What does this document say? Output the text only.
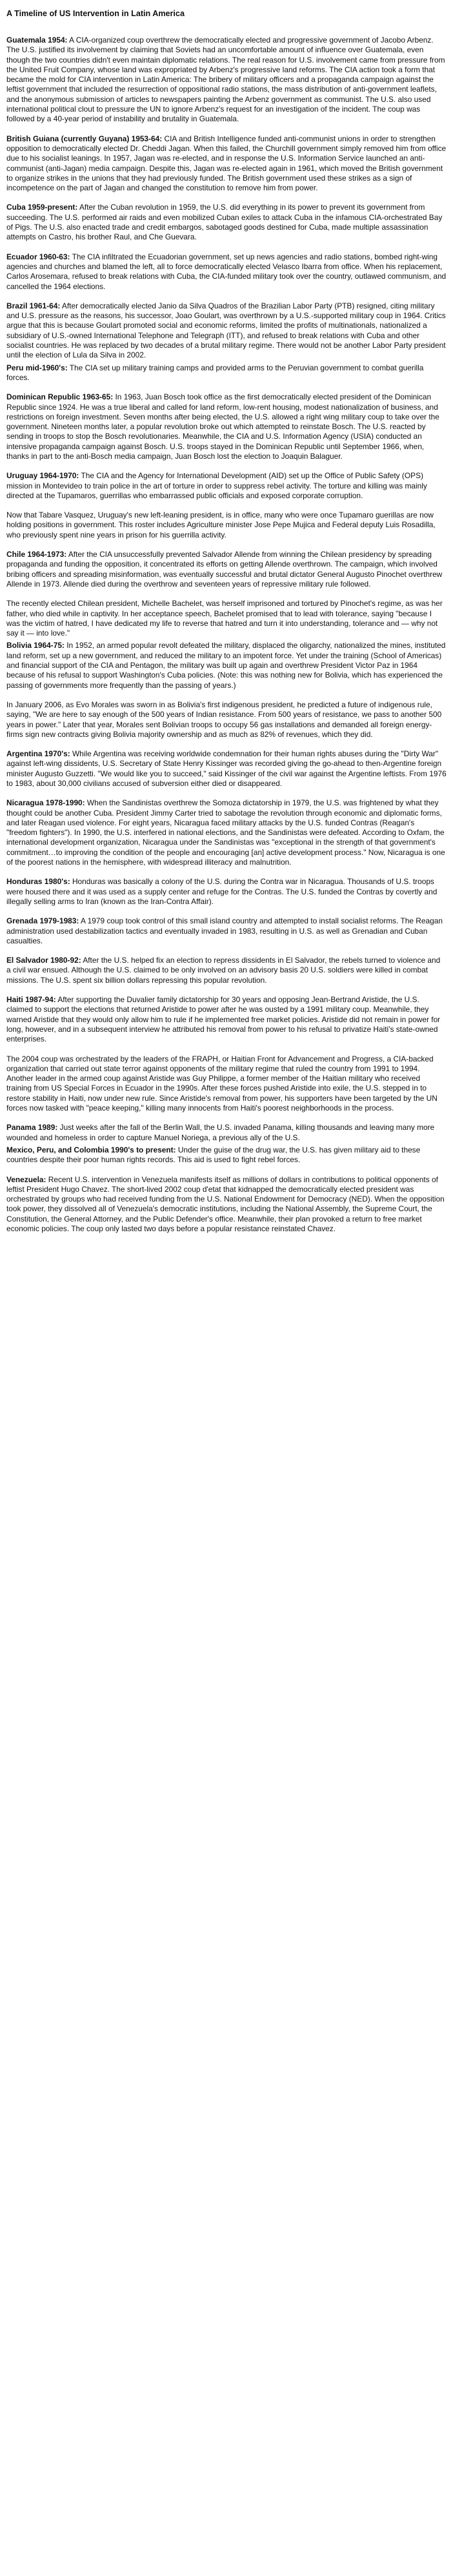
A Timeline of US Intervention in Latin America

Guatemala 1954: A CIA-organized coup overthrew the democratically elected and progressive government of Jacobo Arbenz. The U.S. justified its involvement by claiming that Soviets had an uncomfortable amount of influence over Guatemala, even though the two countries didn't even maintain diplomatic relations. The real reason for U.S. involvement came from pressure from the United Fruit Company, whose land was expropriated by Arbenz's progressive land reforms. The CIA action took a form that became the mold for CIA intervention in Latin America: The bribery of military officers and a propaganda campaign against the leftist government that included the resurrection of oppositional radio stations, the mass distribution of anti-government leaflets, and the anonymous submission of articles to newspapers painting the Arbenz government as communist. The U.S. also used international political clout to pressure the UN to ignore Arbenz's request for an investigation of the incident. The coup was followed by a 40-year period of instability and brutality in Guatemala.

British Guiana (currently Guyana) 1953-64: CIA and British Intelligence funded anti-communist unions in order to strengthen opposition to democratically elected Dr. Cheddi Jagan. When this failed, the Churchill government simply removed him from office due to his socialist leanings. In 1957, Jagan was re-elected, and in response the U.S. Information Service launched an anti-communist (anti-Jagan) media campaign. Despite this, Jagan was re-elected again in 1961, which moved the British government to organize strikes in the unions that they had previously funded. The British government used these strikes as a sign of incompetence on the part of Jagan and changed the constitution to remove him from power.

Cuba 1959-present: After the Cuban revolution in 1959, the U.S. did everything in its power to prevent its government from succeeding. The U.S. performed air raids and even mobilized Cuban exiles to attack Cuba in the infamous CIA-orchestrated Bay of Pigs. The U.S. also enacted trade and credit embargos, sabotaged goods destined for Cuba, made multiple assassination attempts on Castro, his brother Raul, and Che Guevara.

Ecuador 1960-63: The CIA infiltrated the Ecuadorian government, set up news agencies and radio stations, bombed right-wing agencies and churches and blamed the left, all to force democratically elected Velasco Ibarra from office. When his replacement, Carlos Arosemara, refused to break relations with Cuba, the CIA-funded military took over the country, outlawed communism, and cancelled the 1964 elections.

Brazil 1961-64: After democratically elected Janio da Silva Quadros of the Brazilian Labor Party (PTB) resigned, citing military and U.S. pressure as the reasons, his successor, Joao Goulart, was overthrown by a U.S.-supported military coup in 1964. Critics argue that this is because Goulart promoted social and economic reforms, limited the profits of multinationals, nationalized a subsidiary of U.S.-owned International Telephone and Telegraph (ITT), and refused to break relations with Cuba and other socialist countries. He was replaced by two decades of a brutal military regime. There would not be another Labor Party president until the election of Lula da Silva in 2002.

Peru mid-1960's: The CIA set up military training camps and provided arms to the Peruvian government to combat guerilla forces.

Dominican Republic 1963-65: In 1963, Juan Bosch took office as the first democratically elected president of the Dominican Republic since 1924. He was a true liberal and called for land reform, low-rent housing, modest nationalization of business, and restrictions on foreign investment. Seven months after being elected, the U.S. allowed a right wing military coup to take over the government. Nineteen months later, a popular revolution broke out which attempted to reinstate Bosch. The U.S. reacted by sending in troops to stop the Bosch revolutionaries. Meanwhile, the CIA and U.S. Information Agency (USIA) conducted an intensive propaganda campaign against Bosch. U.S. troops stayed in the Dominican Republic until September 1966, when, thanks in part to the anti-Bosch media campaign, Juan Bosch lost the election to Joaquin Balaguer.

Uruguay 1964-1970: The CIA and the Agency for International Development (AID) set up the Office of Public Safety (OPS) mission in Montevideo to train police in the art of torture in order to suppress rebel activity. The torture and killing was mainly directed at the Tupamaros, guerrillas who embarrassed public officials and exposed corporate corruption.

Now that Tabare Vasquez, Uruguay's new left-leaning president, is in office, many who were once Tupamaro guerillas are now holding positions in government. This roster includes Agriculture minister Jose Pepe Mujica and Federal deputy Luis Rosadilla, who previously spent nine years in prison for his guerrilla activity.

Chile 1964-1973: After the CIA unsuccessfully prevented Salvador Allende from winning the Chilean presidency by spreading propaganda and funding the opposition, it concentrated its efforts on getting Allende overthrown. The campaign, which involved bribing officers and spreading misinformation, was eventually successful and brutal dictator General Augusto Pinochet overthrew Allende in 1973. Allende died during the overthrow and seventeen years of repressive military rule followed.

The recently elected Chilean president, Michelle Bachelet, was herself imprisoned and tortured by Pinochet's regime, as was her father, who died while in captivity. In her acceptance speech, Bachelet promised that to lead with tolerance, saying "because I was the victim of hatred, I have dedicated my life to reverse that hatred and turn it into understanding, tolerance and — why not say it — into love."

Bolivia 1964-75: In 1952, an armed popular revolt defeated the military, displaced the oligarchy, nationalized the mines, instituted land reform, set up a new government, and reduced the military to an impotent force. Yet under the training (School of Americas) and financial support of the CIA and Pentagon, the military was built up again and overthrew President Victor Paz in 1964 because of his refusal to support Washington's Cuba policies. (Note: this was nothing new for Bolivia, which has experienced the passing of governments more frequently than the passing of years.)

In January 2006, as Evo Morales was sworn in as Bolivia's first indigenous president, he predicted a future of indigenous rule, saying, "We are here to say enough of the 500 years of Indian resistance. From 500 years of resistance, we pass to another 500 years in power." Later that year, Morales sent Bolivian troops to occupy 56 gas installations and demanded all foreign energy-firms sign new contracts giving Bolivia majority ownership and as much as 82% of revenues, which they did.

Argentina 1970's: While Argentina was receiving worldwide condemnation for their human rights abuses during the "Dirty War" against left-wing dissidents, U.S. Secretary of State Henry Kissinger was recorded giving the go-ahead to then-Argentine foreign minister Augusto Guzzetti. "We would like you to succeed," said Kissinger of the civil war against the Argentine leftists. From 1976 to 1983, about 30,000 civilians accused of subversion either died or disappeared.

Nicaragua 1978-1990: When the Sandinistas overthrew the Somoza dictatorship in 1979, the U.S. was frightened by what they thought could be another Cuba. President Jimmy Carter tried to sabotage the revolution through economic and diplomatic forms, and later Reagan used violence. For eight years, Nicaragua faced military attacks by the U.S. funded Contras (Reagan's "freedom fighters"). In 1990, the U.S. interfered in national elections, and the Sandinistas were defeated. According to Oxfam, the international development organization, Nicaragua under the Sandinistas was "exceptional in the strength of that government's commitment…to improving the condition of the people and encouraging [an] active development process." Now, Nicaragua is one of the poorest nations in the hemisphere, with widespread illiteracy and malnutrition.

Honduras 1980's: Honduras was basically a colony of the U.S. during the Contra war in Nicaragua. Thousands of U.S. troops were housed there and it was used as a supply center and refuge for the Contras. The U.S. funded the Contras by covertly and illegally selling arms to Iran (known as the Iran-Contra Affair).

Grenada 1979-1983: A 1979 coup took control of this small island country and attempted to install socialist reforms. The Reagan administration used destabilization tactics and eventually invaded in 1983, resulting in U.S. as well as Grenadian and Cuban casualties.

El Salvador 1980-92: After the U.S. helped fix an election to repress dissidents in El Salvador, the rebels turned to violence and a civil war ensued. Although the U.S. claimed to be only involved on an advisory basis 20 U.S. soldiers were killed in combat missions. The U.S. spent six billion dollars repressing this popular revolution.

Haiti 1987-94: After supporting the Duvalier family dictatorship for 30 years and opposing Jean-Bertrand Aristide, the U.S. claimed to support the elections that returned Aristide to power after he was ousted by a 1991 military coup. Meanwhile, they warned Aristide that they would only allow him to rule if he implemented free market policies. Aristide did not remain in power for long, however, and in a subsequent interview he attributed his removal from power to his refusal to privatize Haiti's state-owned enterprises.

The 2004 coup was orchestrated by the leaders of the FRAPH, or Haitian Front for Advancement and Progress, a CIA-backed organization that carried out state terror against opponents of the military regime that ruled the country from 1991 to 1994. Another leader in the armed coup against Aristide was Guy Philippe, a former member of the Haitian military who received training from US Special Forces in Ecuador in the 1990s. After these forces pushed Aristide into exile, the U.S. stepped in to restore stability in Haiti, now under new rule. Since Aristide's removal from power, his supporters have been targeted by the UN forces now tasked with "peace keeping," killing many innocents from Haiti's poorest neighborhoods in the process.

Panama 1989: Just weeks after the fall of the Berlin Wall, the U.S. invaded Panama, killing thousands and leaving many more wounded and homeless in order to capture Manuel Noriega, a previous ally of the U.S.

Mexico, Peru, and Colombia 1990's to present: Under the guise of the drug war, the U.S. has given military aid to these countries despite their poor human rights records. This aid is used to fight rebel forces.

Venezuela: Recent U.S. intervention in Venezuela manifests itself as millions of dollars in contributions to political opponents of leftist President Hugo Chavez. The short-lived 2002 coup d'etat that kidnapped the democratically elected president was orchestrated by groups who had received funding from the U.S. National Endowment for Democracy (NED). When the opposition took power, they dissolved all of Venezuela's democratic institutions, including the National Assembly, the Supreme Court, the Constitution, the General Attorney, and the Public Defender's office. Meanwhile, their plan provoked a return to free market economic policies. The coup only lasted two days before a popular resistance reinstated Chavez.
